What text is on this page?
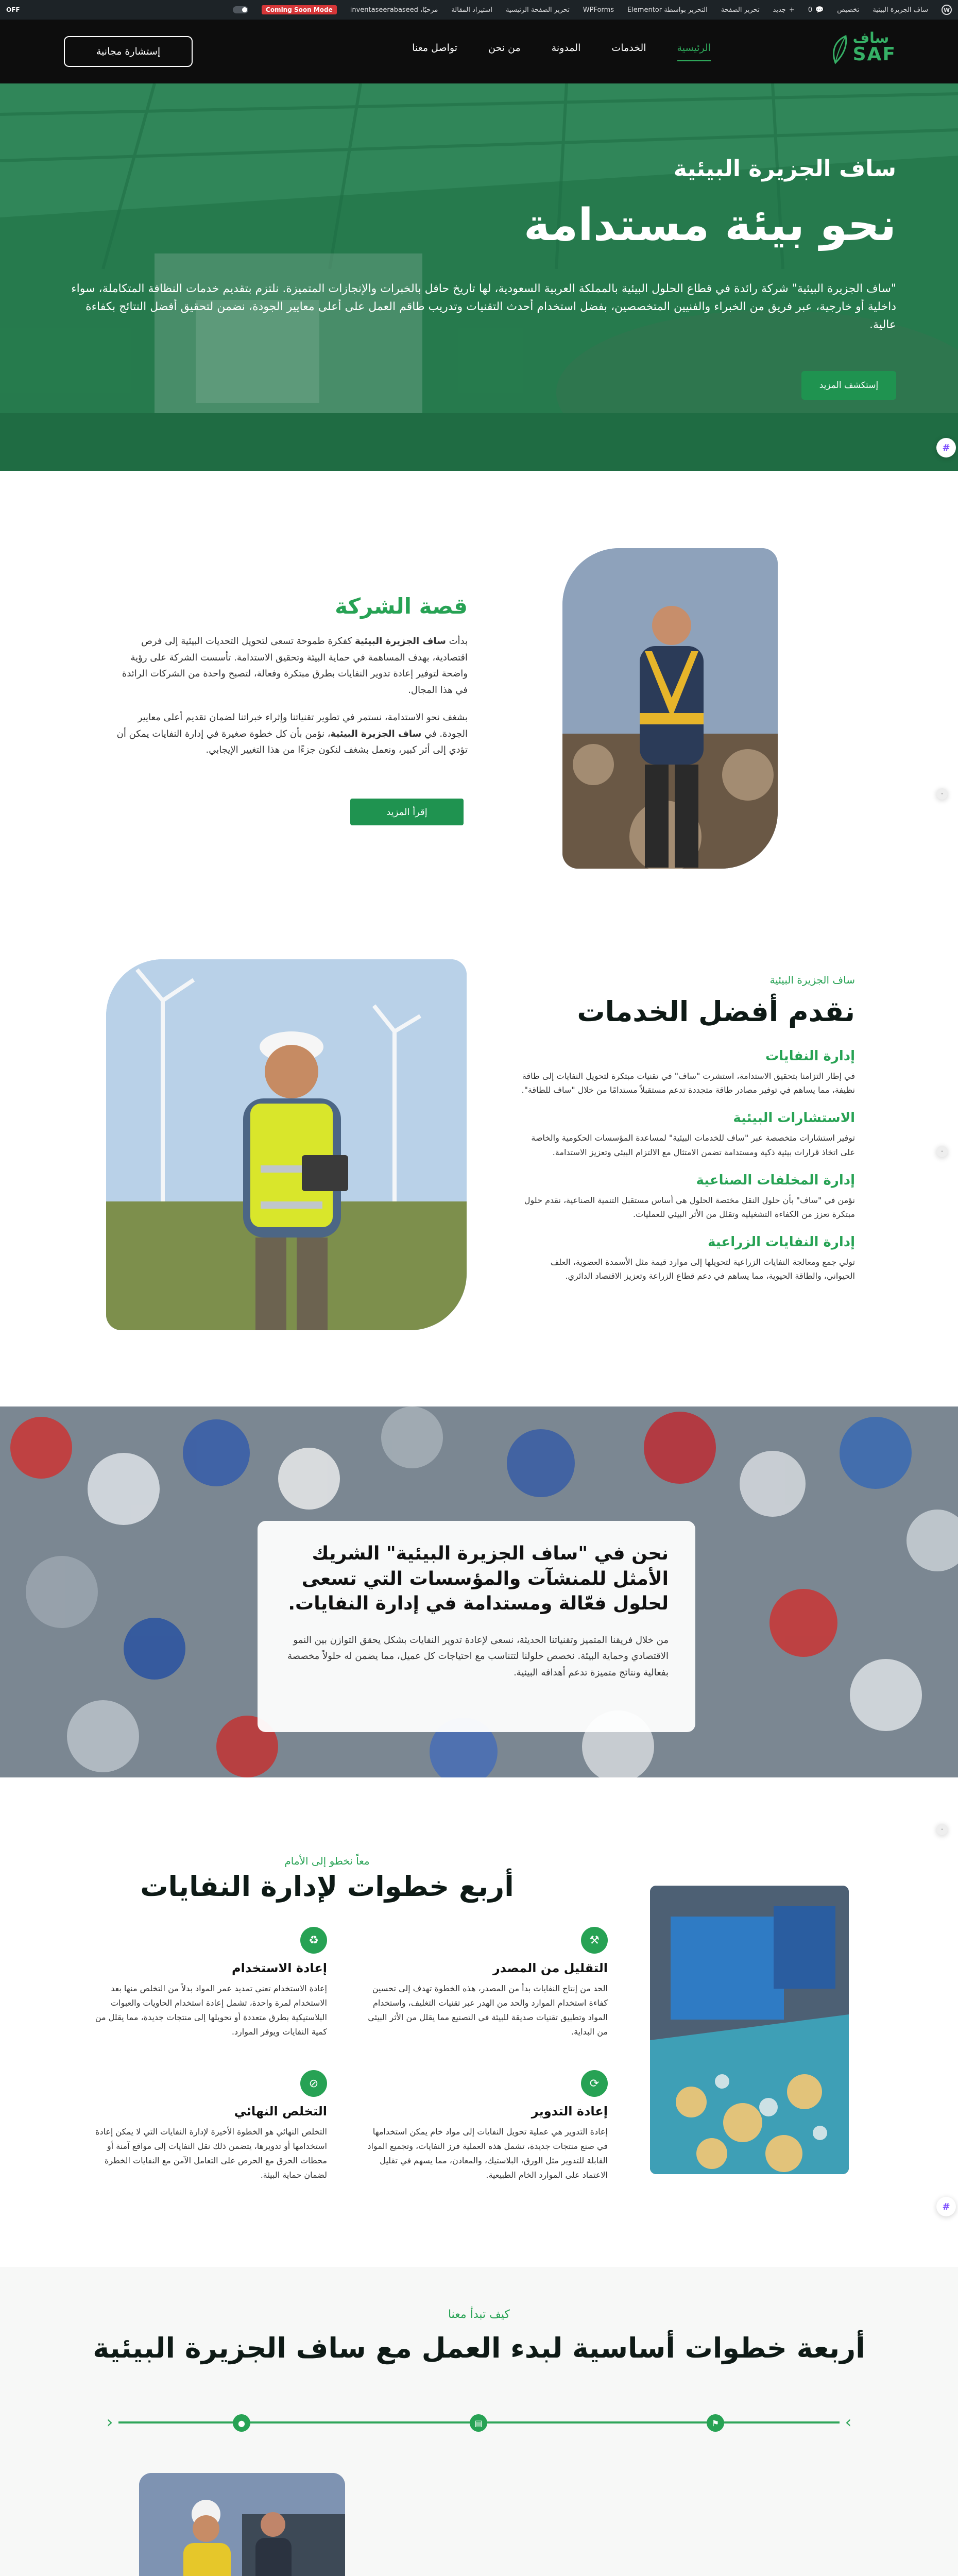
W
ساف الجزيرة البيئية
تخصيص
💬
0
+
جديد
تحرير الصفحة
التحرير بواسطة Elementor
WPForms
تحرير الصفحة الرئيسية
استيراد المقالة
مرحبًا، inventaseerabaseed
Coming Soon Mode
OFF
ساف
SAF
الرئيسية
الخدمات
المدونة
من نحن
تواصل معنا
إستشارة مجانية
ساف الجزيرة البيئية
نحو بيئة مستدامة

"ساف الجزيرة البيئية" شركة رائدة في قطاع الحلول البيئية بالمملكة العربية السعودية، لها تاريخ حافل بالخبرات والإنجازات المتميزة. نلتزم بتقديم خدمات النظافة المتكاملة، سواء داخلية أو خارجية، عبر فريق من الخبراء والفنيين المتخصصين، بفضل استخدام أحدث التقنيات وتدريب طاقم العمل على أعلى معايير الجودة، نضمن لتحقيق أفضل النتائج بكفاءة عالية.

إستكشف المزيد
#
·
·
·
#
قصة الشركة

بدأت ساف الجزيرة البيئية كفكرة طموحة تسعى لتحويل التحديات البيئية إلى فرص اقتصادية، بهدف المساهمة في حماية البيئة وتحقيق الاستدامة. تأسست الشركة على رؤية واضحة لتوفير إعادة تدوير النفايات بطرق مبتكرة وفعالة، لتصبح واحدة من الشركات الرائدة في هذا المجال.

بشغف نحو الاستدامة، نستمر في تطوير تقنياتنا وإثراء خبراتنا لضمان تقديم أعلى معايير الجودة. في ساف الجزيرة البيئية، نؤمن بأن كل خطوة صغيرة في إدارة النفايات يمكن أن تؤدي إلى أثر كبير، ونعمل بشغف لنكون جزءًا من هذا التغيير الإيجابي.

إقرأ المزيد
ساف الجزيرة البيئية
نقدم أفضل الخدمات
إدارة النفايات
في إطار التزامنا بتحقيق الاستدامة، استشرت "ساف" في تقنيات مبتكرة لتحويل النفايات إلى طاقة نظيفة، مما يساهم في توفير مصادر طاقة متجددة تدعم مستقبلاً مستدامًا من خلال "ساف للطاقة".
الاستشارات البيئية
توفير استشارات متخصصة عبر "ساف للخدمات البيئية" لمساعدة المؤسسات الحكومية والخاصة على اتخاذ قرارات بيئية ذكية ومستدامة تضمن الامتثال مع الالتزام البيئي وتعزيز الاستدامة.
إدارة المخلفات الصناعية
نؤمن في "ساف" بأن حلول النقل مختصة الحلول هي أساس مستقبل التنمية الصناعية، نقدم حلول مبتكرة تعزز من الكفاءة التشغيلية وتقلل من الأثر البيئي للعمليات.
إدارة النفايات الزراعية
تولي جمع ومعالجة النفايات الزراعية لتحويلها إلى موارد قيمة مثل الأسمدة العضوية، العلف الحيواني، والطاقة الحيوية، مما يساهم في دعم قطاع الزراعة وتعزيز الاقتصاد الدائري.
نحن في "ساف الجزيرة البيئية" الشريك الأمثل للمنشآت والمؤسسات التي تسعى لحلول فعّالة ومستدامة في إدارة النفايات.

من خلال فريقنا المتميز وتقنياتنا الحديثة، نسعى لإعادة تدوير النفايات بشكل يحقق التوازن بين النمو الاقتصادي وحماية البيئة. نخصص حلولنا لتتناسب مع احتياجات كل عميل، مما يضمن له حلولاً مخصصة بفعالية ونتائج متميزة تدعم أهدافه البيئية.

معاً نخطو إلى الأمام
أربع خطوات لإدارة النفايات
⚒
التقليل من المصدر
الحد من إنتاج النفايات بدأ من المصدر، هذه الخطوة تهدف إلى تحسين كفاءة استخدام الموارد والحد من الهدر عبر تقنيات التغليف، واستخدام المواد وتطبيق تقنيات صديقة للبيئة في التصنيع مما يقلل من الأثر البيئي من البداية.
♻
إعادة الاستخدام
إعادة الاستخدام تعني تمديد عمر المواد بدلاً من التخلص منها بعد الاستخدام لمرة واحدة، تشمل إعادة استخدام الحاويات والعبوات البلاستيكية بطرق متعددة أو تحويلها إلى منتجات جديدة، مما يقلل من كمية النفايات ويوفر الموارد.
⟳
إعادة التدوير
إعادة التدوير هي عملية تحويل النفايات إلى مواد خام يمكن استخدامها في صنع منتجات جديدة، تشمل هذه العملية فرز النفايات، وتجميع المواد القابلة للتدوير مثل الورق، البلاستيك، والمعادن، مما يسهم في تقليل الاعتماد على الموارد الخام الطبيعية.
⊘
التخلص النهائي
التخلص النهائي هو الخطوة الأخيرة لإدارة النفايات التي لا يمكن إعادة استخدامها أو تدويرها، يتضمن ذلك نقل النفايات إلى مواقع آمنة أو محطات الحرق مع الحرص على التعامل الآمن مع النفايات الخطرة لضمان حماية البيئة.
كيف تبدأ معنا
أربعة خطوات أساسية لبدء العمل مع ساف الجزيرة البيئية
›
‹	⚑
▤
●
